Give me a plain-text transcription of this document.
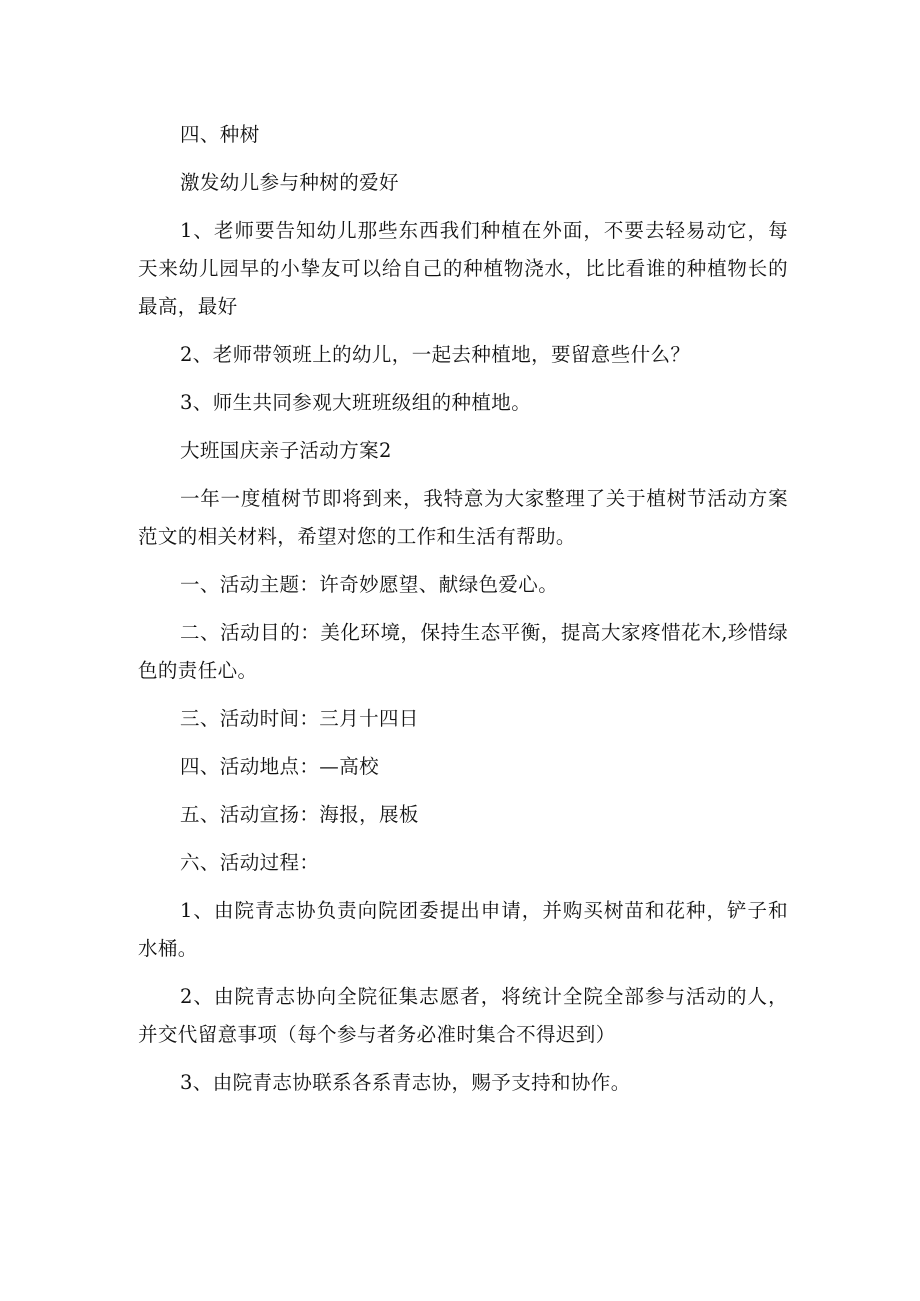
四、种树

激发幼儿参与种树的爱好

1、老师要告知幼儿那些东西我们种植在外面，不要去轻易动它，每天来幼儿园早的小挚友可以给自己的种植物浇水，比比看谁的种植物长的最高，最好

2、老师带领班上的幼儿，一起去种植地，要留意些什么？

3、师生共同参观大班班级组的种植地。

大班国庆亲子活动方案2

一年一度植树节即将到来，我特意为大家整理了关于植树节活动方案范文的相关材料，希望对您的工作和生活有帮助。

一、活动主题：许奇妙愿望、献绿色爱心。

二、活动目的：美化环境，保持生态平衡，提高大家疼惜花木,珍惜绿色的责任心。

三、活动时间：三月十四日

四、活动地点：—高校

五、活动宣扬：海报，展板

六、活动过程：

1、由院青志协负责向院团委提出申请，并购买树苗和花种，铲子和水桶。

2、由院青志协向全院征集志愿者，将统计全院全部参与活动的人，并交代留意事项（每个参与者务必准时集合不得迟到）

3、由院青志协联系各系青志协，赐予支持和协作。
